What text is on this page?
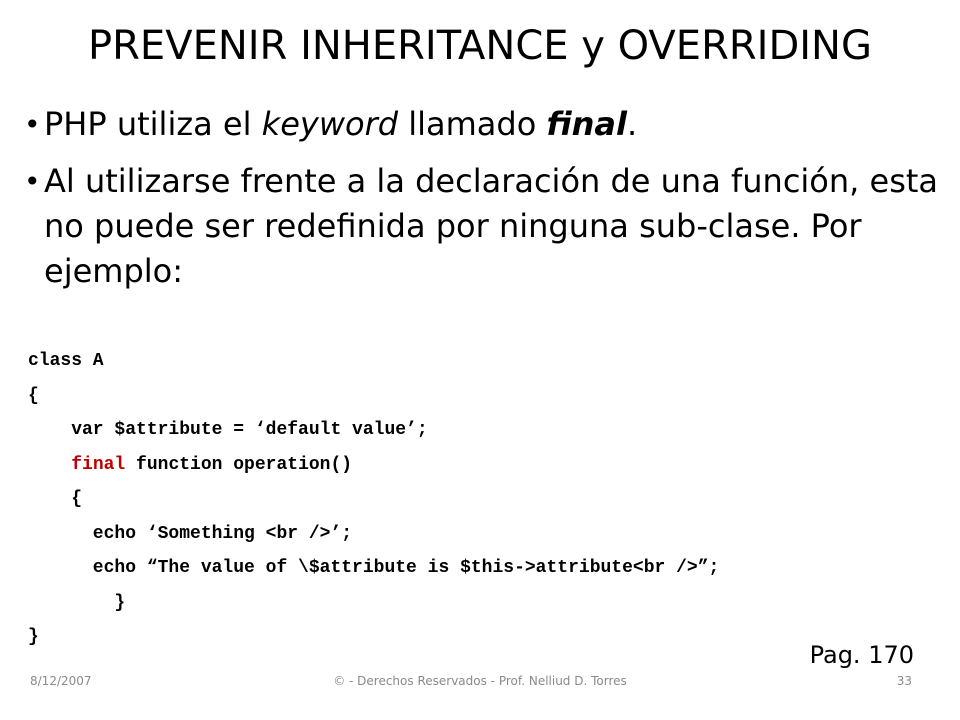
PREVENIR INHERITANCE y OVERRIDING
• PHP utiliza el keyword llamado final.
• Al utilizarse frente a la declaración de una función, esta no puede ser redefinida por ninguna sub-clase. Por ejemplo:
class A
{
var $attribute = ‘default value’;
final function operation()
{
echo ‘Something <br />’;
echo “The value of \$attribute is $this->attribute<br />”;
}
}
Pag. 170
8/12/2007	© - Derechos Reservados - Prof. Nelliud D. Torres	33
